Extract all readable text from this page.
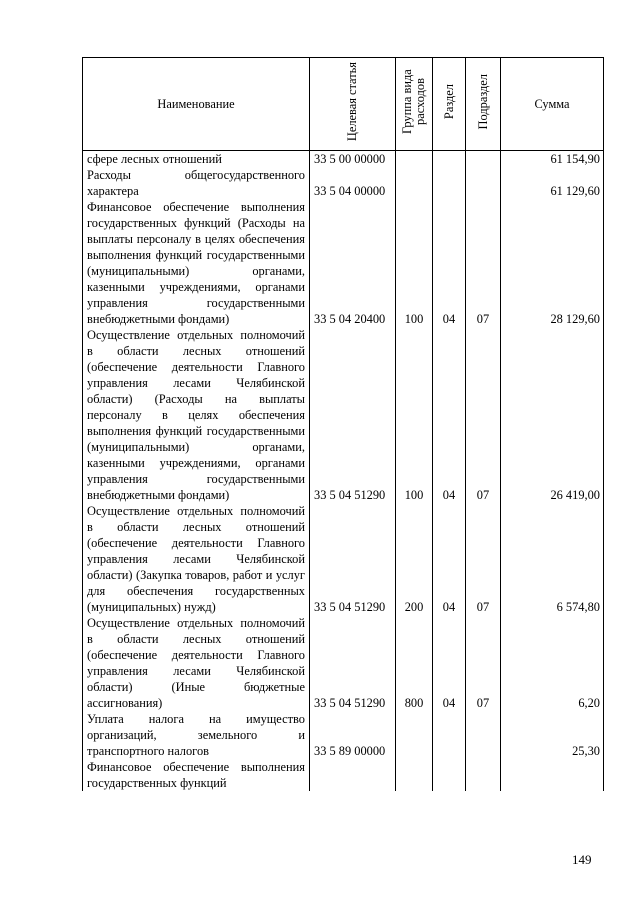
Наименование	Целевая статья	Группа вида расходов	Раздел	Подраздел	Сумма
сфере лесных отношений	33 5 00 00000				61 154,90
Расходы общегосударственного характера	33 5 04 00000				61 129,60
Финансовое обеспечение выполнения государственных функций (Расходы на выплаты персоналу в целях обеспечения выполнения функций государственными (муниципальными) органами, казенными учреждениями, органами управления государственными внебюджетными фондами)	33 5 04 20400	100	04	07	28 129,60
Осуществление отдельных полномочий в области лесных отношений (обеспечение деятельности Главного управления лесами Челябинской области) (Расходы на выплаты персоналу в целях обеспечения выполнения функций государственными (муниципальными) органами, казенными учреждениями, органами управления государственными внебюджетными фондами)	33 5 04 51290	100	04	07	26 419,00
Осуществление отдельных полномочий в области лесных отношений (обеспечение деятельности Главного управления лесами Челябинской области) (Закупка товаров, работ и услуг для обеспечения государственных (муниципальных) нужд)	33 5 04 51290	200	04	07	6 574,80
Осуществление отдельных полномочий в области лесных отношений (обеспечение деятельности Главного управления лесами Челябинской области) (Иные бюджетные ассигнования)	33 5 04 51290	800	04	07	6,20
Уплата налога на имущество организаций, земельного и транспортного налогов	33 5 89 00000				25,30
Финансовое обеспечение выполнения государственных функций					
149
